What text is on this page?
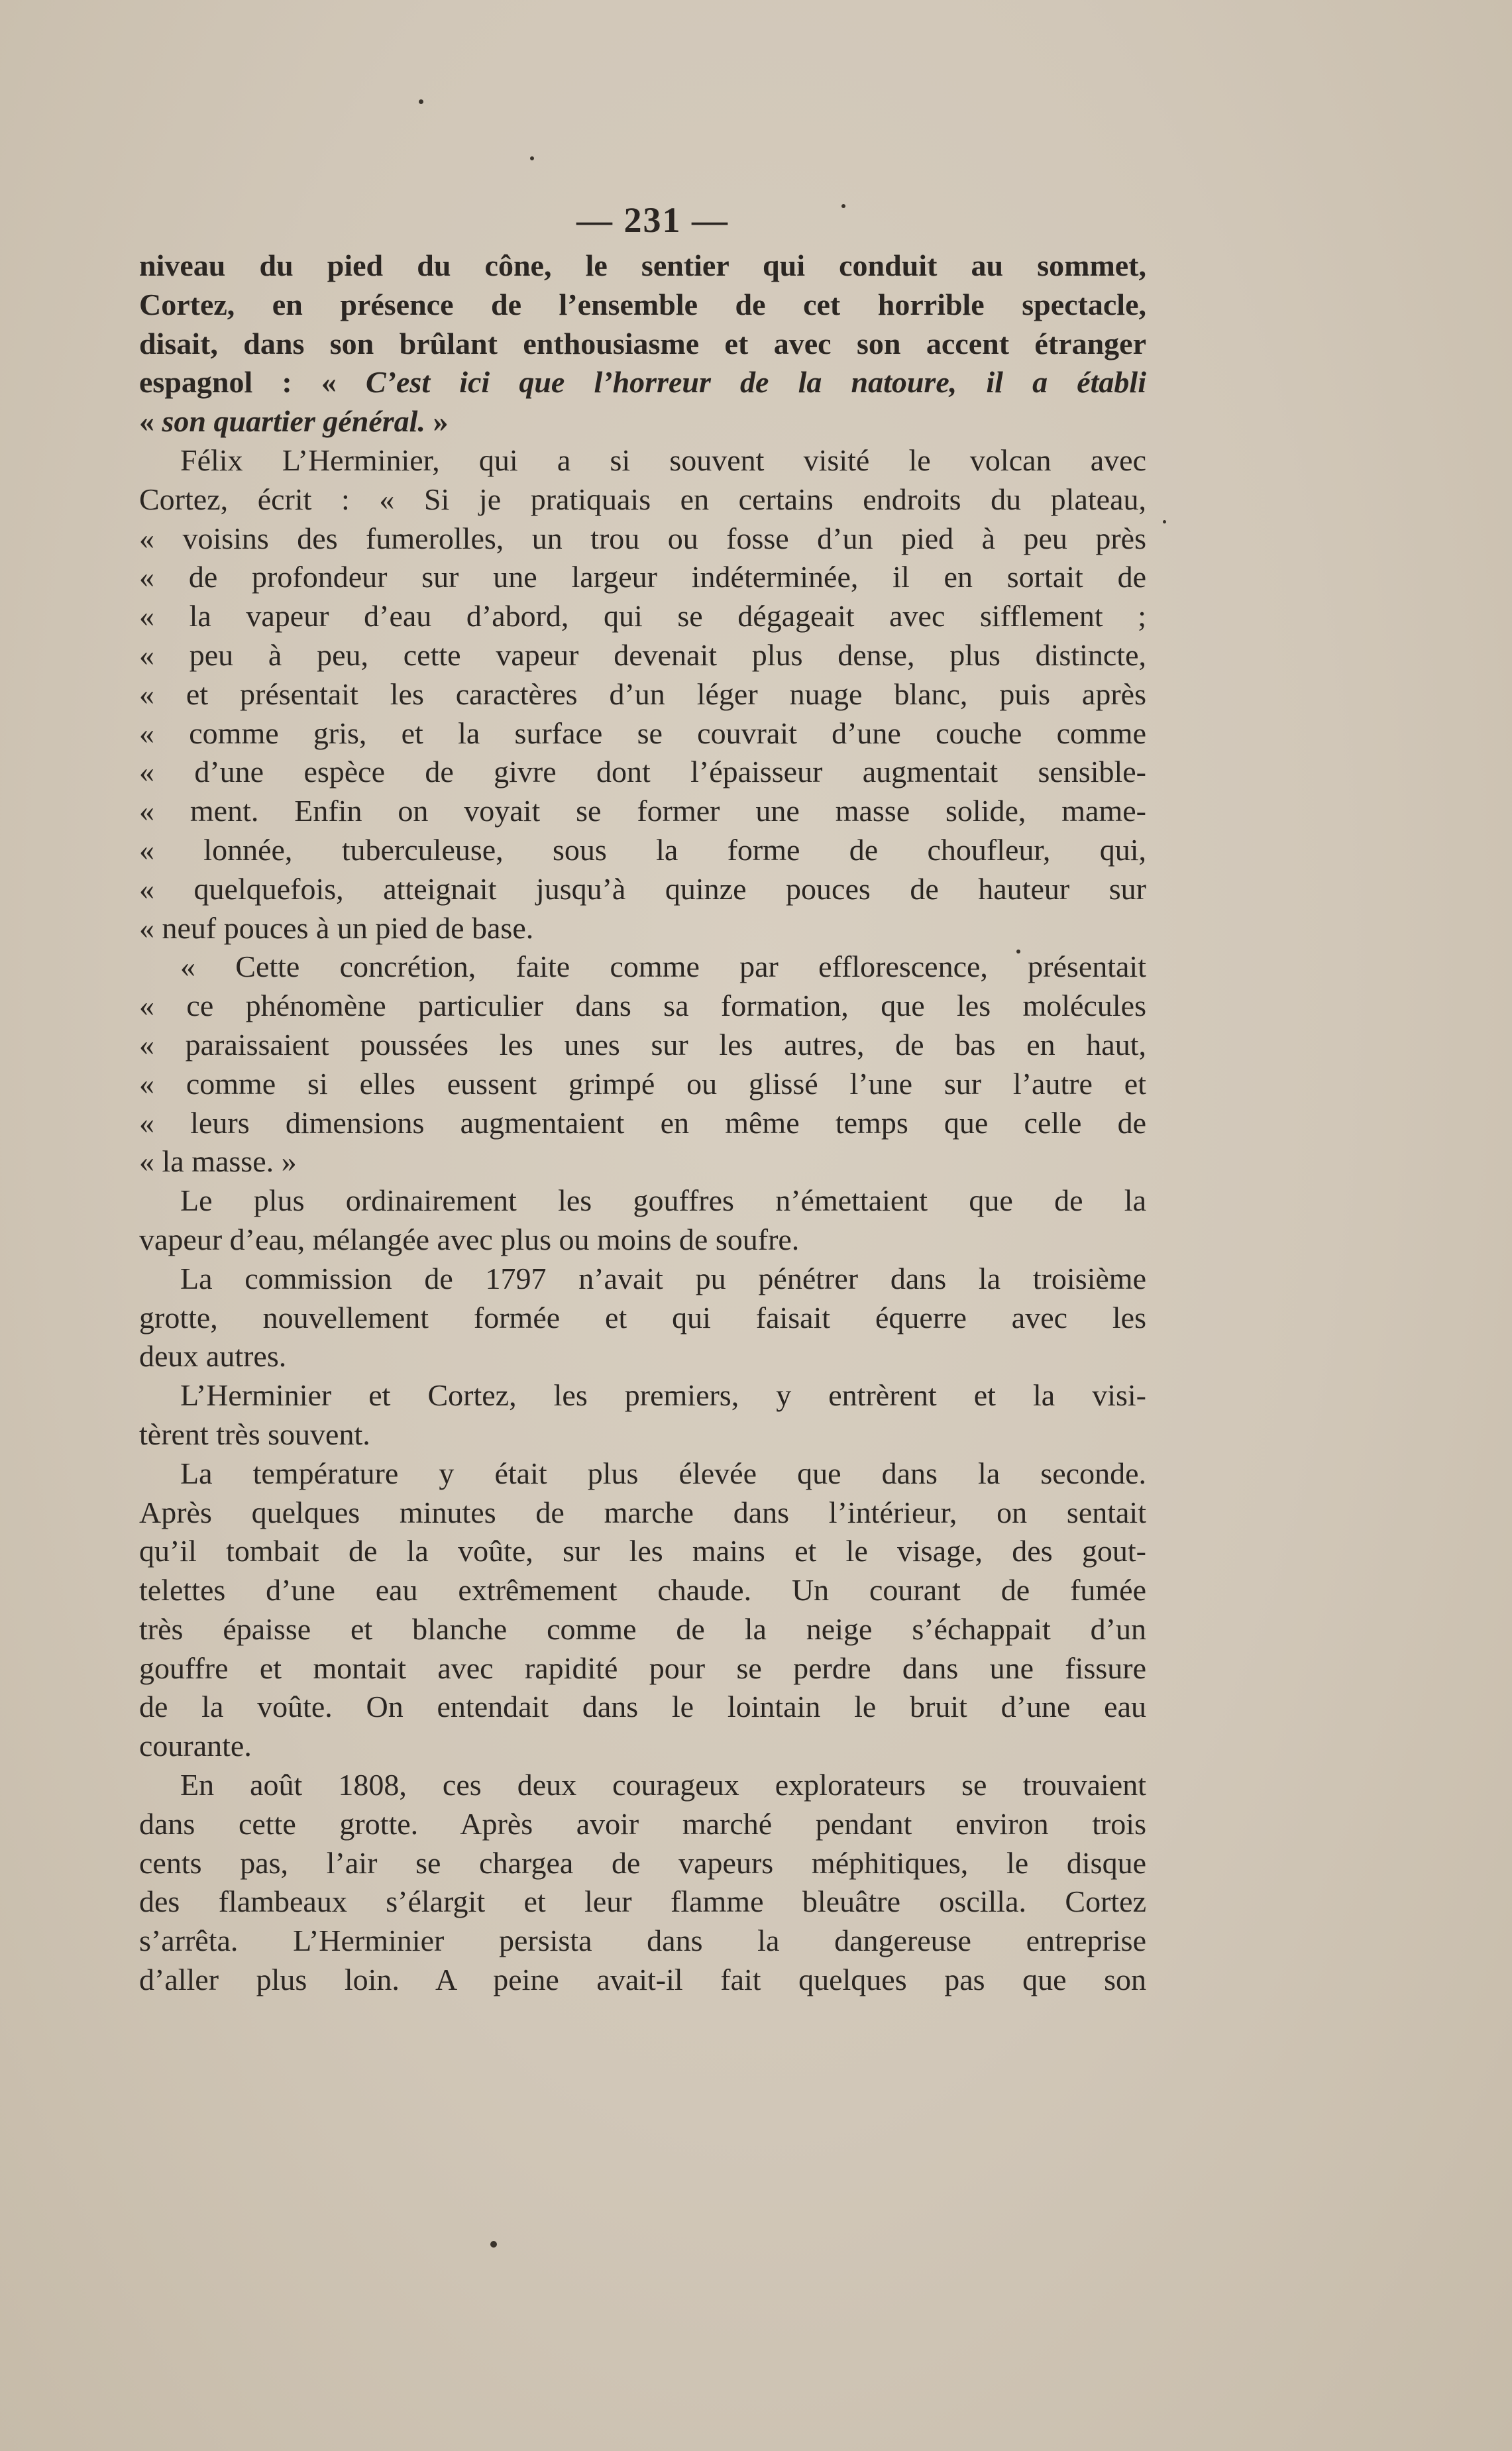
— 231 —
niveau du pied du cône, le sentier qui conduit au sommet,
Cortez, en présence de l’ensemble de cet horrible spectacle,
disait, dans son brûlant enthousiasme et avec son accent étranger
espagnol : « C’est ici que l’horreur de la natoure, il a établi
« son quartier général. »
Félix L’Herminier, qui a si souvent visité le volcan avec
Cortez, écrit : « Si je pratiquais en certains endroits du plateau,
« voisins des fumerolles, un trou ou fosse d’un pied à peu près
« de profondeur sur une largeur indéterminée, il en sortait de
« la vapeur d’eau d’abord, qui se dégageait avec sifflement ;
« peu à peu, cette vapeur devenait plus dense, plus distincte,
« et présentait les caractères d’un léger nuage blanc, puis après
« comme gris, et la surface se couvrait d’une couche comme
« d’une espèce de givre dont l’épaisseur augmentait sensible-
« ment. Enfin on voyait se former une masse solide, mame-
« lonnée, tuberculeuse, sous la forme de choufleur, qui,
« quelquefois, atteignait jusqu’à quinze pouces de hauteur sur
« neuf pouces à un pied de base.
« Cette concrétion, faite comme par efflorescence, présentait
« ce phénomène particulier dans sa formation, que les molécules
« paraissaient poussées les unes sur les autres, de bas en haut,
« comme si elles eussent grimpé ou glissé l’une sur l’autre et
« leurs dimensions augmentaient en même temps que celle de
« la masse. »
Le plus ordinairement les gouffres n’émettaient que de la
vapeur d’eau, mélangée avec plus ou moins de soufre.
La commission de 1797 n’avait pu pénétrer dans la troisième
grotte, nouvellement formée et qui faisait équerre avec les
deux autres.
L’Herminier et Cortez, les premiers, y entrèrent et la visi-
tèrent très souvent.
La température y était plus élevée que dans la seconde.
Après quelques minutes de marche dans l’intérieur, on sentait
qu’il tombait de la voûte, sur les mains et le visage, des gout-
telettes d’une eau extrêmement chaude. Un courant de fumée
très épaisse et blanche comme de la neige s’échappait d’un
gouffre et montait avec rapidité pour se perdre dans une fissure
de la voûte. On entendait dans le lointain le bruit d’une eau
courante.
En août 1808, ces deux courageux explorateurs se trouvaient
dans cette grotte. Après avoir marché pendant environ trois
cents pas, l’air se chargea de vapeurs méphitiques, le disque
des flambeaux s’élargit et leur flamme bleuâtre oscilla. Cortez
s’arrêta. L’Herminier persista dans la dangereuse entreprise
d’aller plus loin. A peine avait-il fait quelques pas que son
